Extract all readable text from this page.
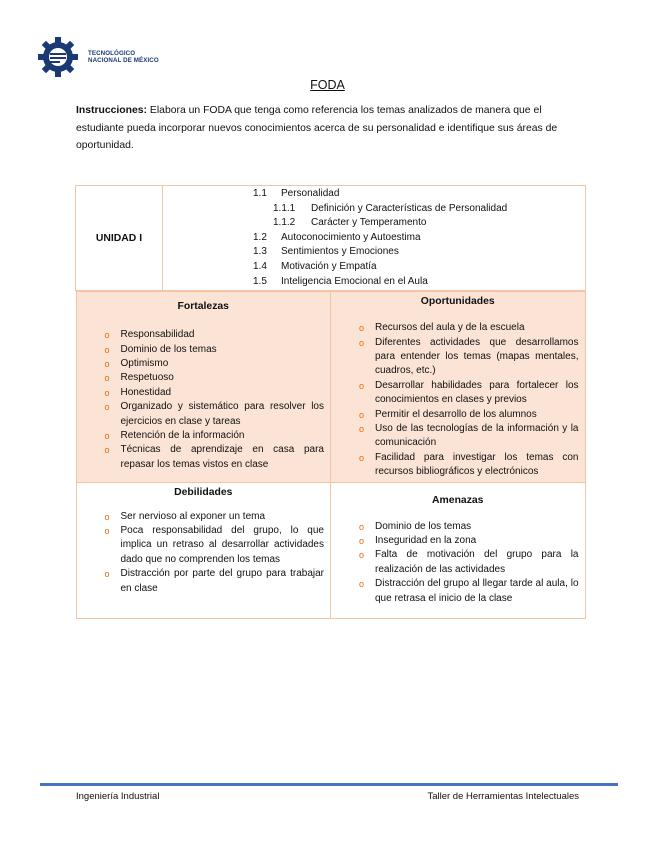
TECNOLÓGICO
NACIONAL DE MÉXICO
FODA

Instrucciones: Elabora un FODA que tenga como referencia los temas analizados de manera que el estudiante pueda incorporar nuevos conocimientos acerca de su personalidad e identifique sus áreas de oportunidad.

UNIDAD I	
1.1 Personalidad
1.1.1 Definición y Características de Personalidad
1.1.2 Carácter y Temperamento
1.2 Autoconocimiento y Autoestima
1.3 Sentimientos y Emociones
1.4 Motivación y Empatía
1.5 Inteligencia Emocional en el Aula

Fortalezas
o Responsabilidad
o Dominio de los temas
o Optimismo
o Respetuoso
o Honestidad
o Organizado y sistemático para resolver los ejercicios en clase y tareas
o Retención de la información
o Técnicas de aprendizaje en casa para repasar los temas vistos en clase

Oportunidades
o Recursos del aula y de la escuela
o Diferentes actividades que desarrollamos para entender los temas (mapas mentales, cuadros, etc.)
o Desarrollar habilidades para fortalecer los conocimientos en clases y previos
o Permitir el desarrollo de los alumnos
o Uso de las tecnologías de la información y la comunicación
o Facilidad para investigar los temas con recursos bibliográficos y electrónicos

Debilidades
o Ser nervioso al exponer un tema
o Poca responsabilidad del grupo, lo que implica un retraso al desarrollar actividades dado que no comprenden los temas
o Distracción por parte del grupo para trabajar en clase

Amenazas
o Dominio de los temas
o Inseguridad en la zona
o Falta de motivación del grupo para la realización de las actividades
o Distracción del grupo al llegar tarde al aula, lo que retrasa el inicio de la clase
Ingeniería Industrial	Taller de Herramientas Intelectuales
